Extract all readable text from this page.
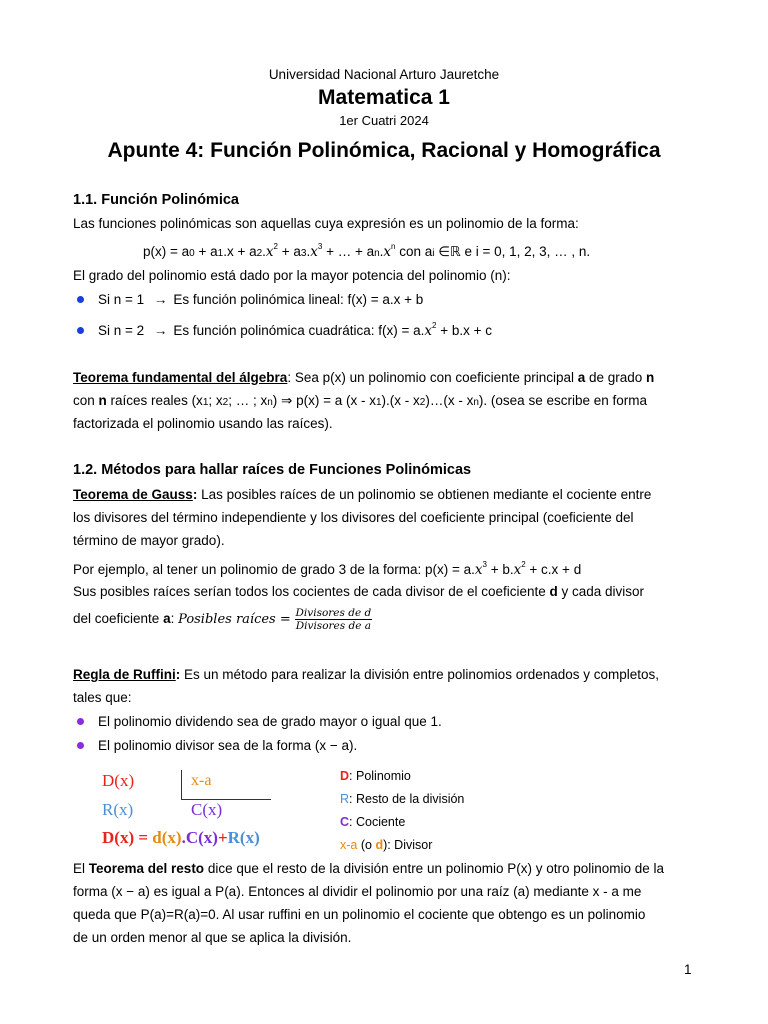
Universidad Nacional Arturo Jauretche
Matematica 1
1er Cuatri 2024
Apunte 4: Función Polinómica, Racional y Homográfica
1.1. Función Polinómica
Las funciones polinómicas son aquellas cuya expresión es un polinomio de la forma:
$p(x) = a0 + a1.x + a2.x^2 + a3.x^3$ + … + $an.x^n$ con ai ∈ℝ e i = 0, 1, 2, 3, … , n.
El grado del polinomio está dado por la mayor potencia del polinomio (n):
Si n = 1 → Es función polinómica lineal: f(x) = a.x + b
Si n = 2 → Es función polinómica cuadrática: $f(x) = a.x^2 + b.x + c$
Teorema fundamental del álgebra: Sea p(x) un polinomio con coeficiente principal a de grado n
con n raíces reales (x1; x2; … ; xn) ⇒ p(x) = a (x - x1).(x - x2)…(x - xn). (osea se escribe en forma
factorizada el polinomio usando las raíces).
1.2. Métodos para hallar raíces de Funciones Polinómicas
Teorema de Gauss: Las posibles raíces de un polinomio se obtienen mediante el cociente entre
los divisores del término independiente y los divisores del coeficiente principal (coeficiente del
término de mayor grado).
Por ejemplo, al tener un polinomio de grado 3 de la forma: $p(x) = a.x^3 + b.x^2 + c.x + d$
Sus posibles raíces serían todos los cocientes de cada divisor de el coeficiente d y cada divisor
del coeficiente a: Posibles raíces = $\frac{\text{Divisores de d}}{\text{Divisores de a}}$
Regla de Ruffini: Es un método para realizar la división entre polinomios ordenados y completos,
tales que:
El polinomio dividendo sea de grado mayor o igual que 1.
El polinomio divisor sea de la forma (x − a).
D(x)	x-a
R(x)	C(x)
D(x) = d(x).C(x)+R(x)
D: Polinomio
R: Resto de la división
C: Cociente
x-a (o d): Divisor
El Teorema del resto dice que el resto de la división entre un polinomio P(x) y otro polinomio de la
forma (x − a) es igual a P(a). Entonces al dividir el polinomio por una raíz (a) mediante x - a me
queda que P(a)=R(a)=0. Al usar ruffini en un polinomio el cociente que obtengo es un polinomio
de un orden menor al que se aplica la división.
1
